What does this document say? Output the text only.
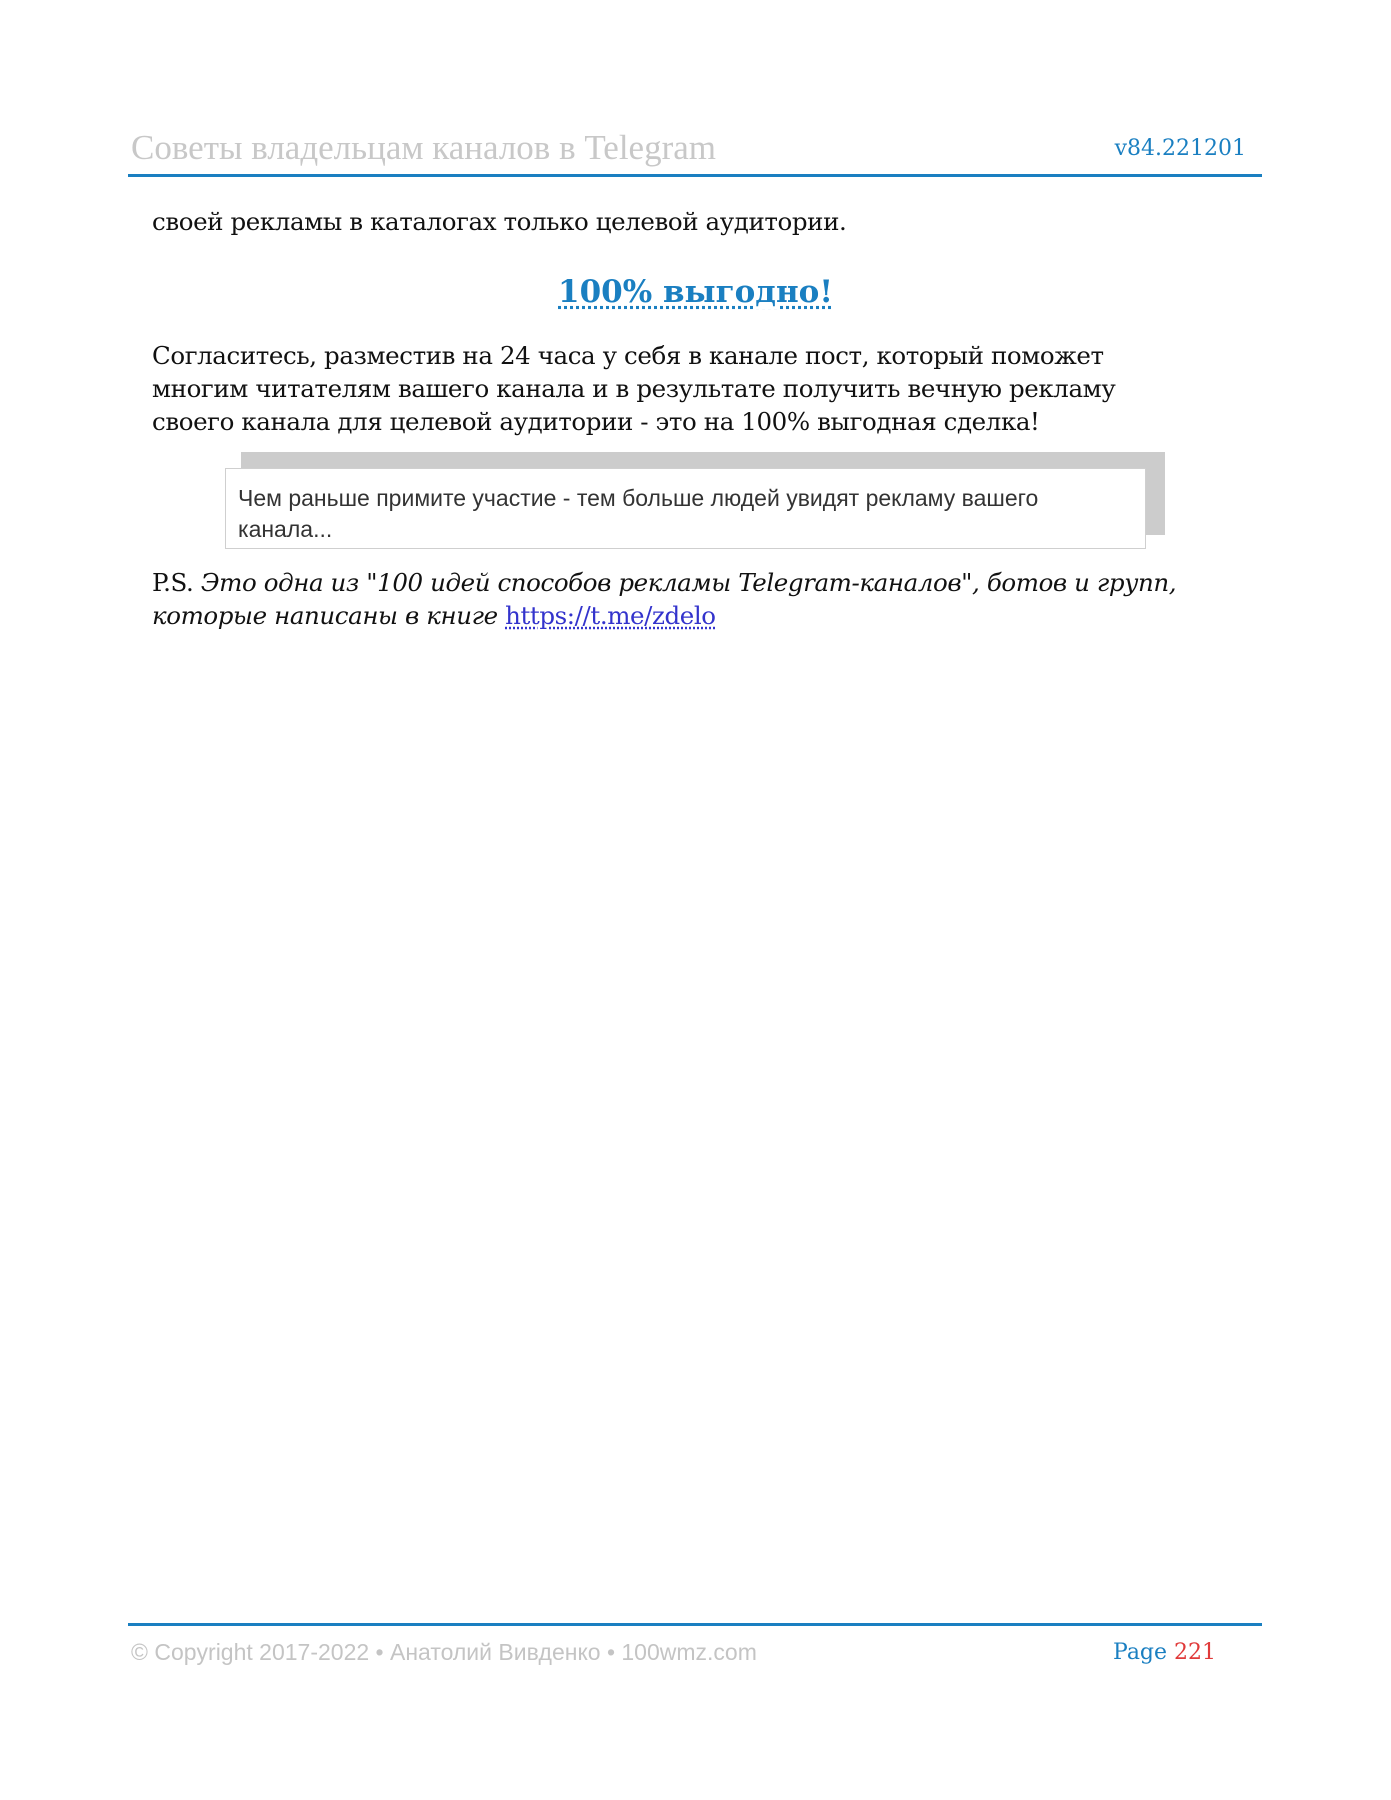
Советы владельцам каналов в Telegram	v84.221201
своей рекламы в каталогах только целевой аудитории.
100% выгодно!
Согласитесь, разместив на 24 часа у себя в канале пост, который поможет многим читателям вашего канала и в результате получить вечную рекламу своего канала для целевой аудитории - это на 100% выгодная сделка!
Чем раньше примите участие - тем больше людей увидят рекламу вашего канала...
P.S. Это одна из "100 идей способов рекламы Telegram-каналов", ботов и групп, которые написаны в книге https://t.me/zdelo
© Copyright 2017-2022 • Анатолий Вивденко • 100wmz.com	Page 221
